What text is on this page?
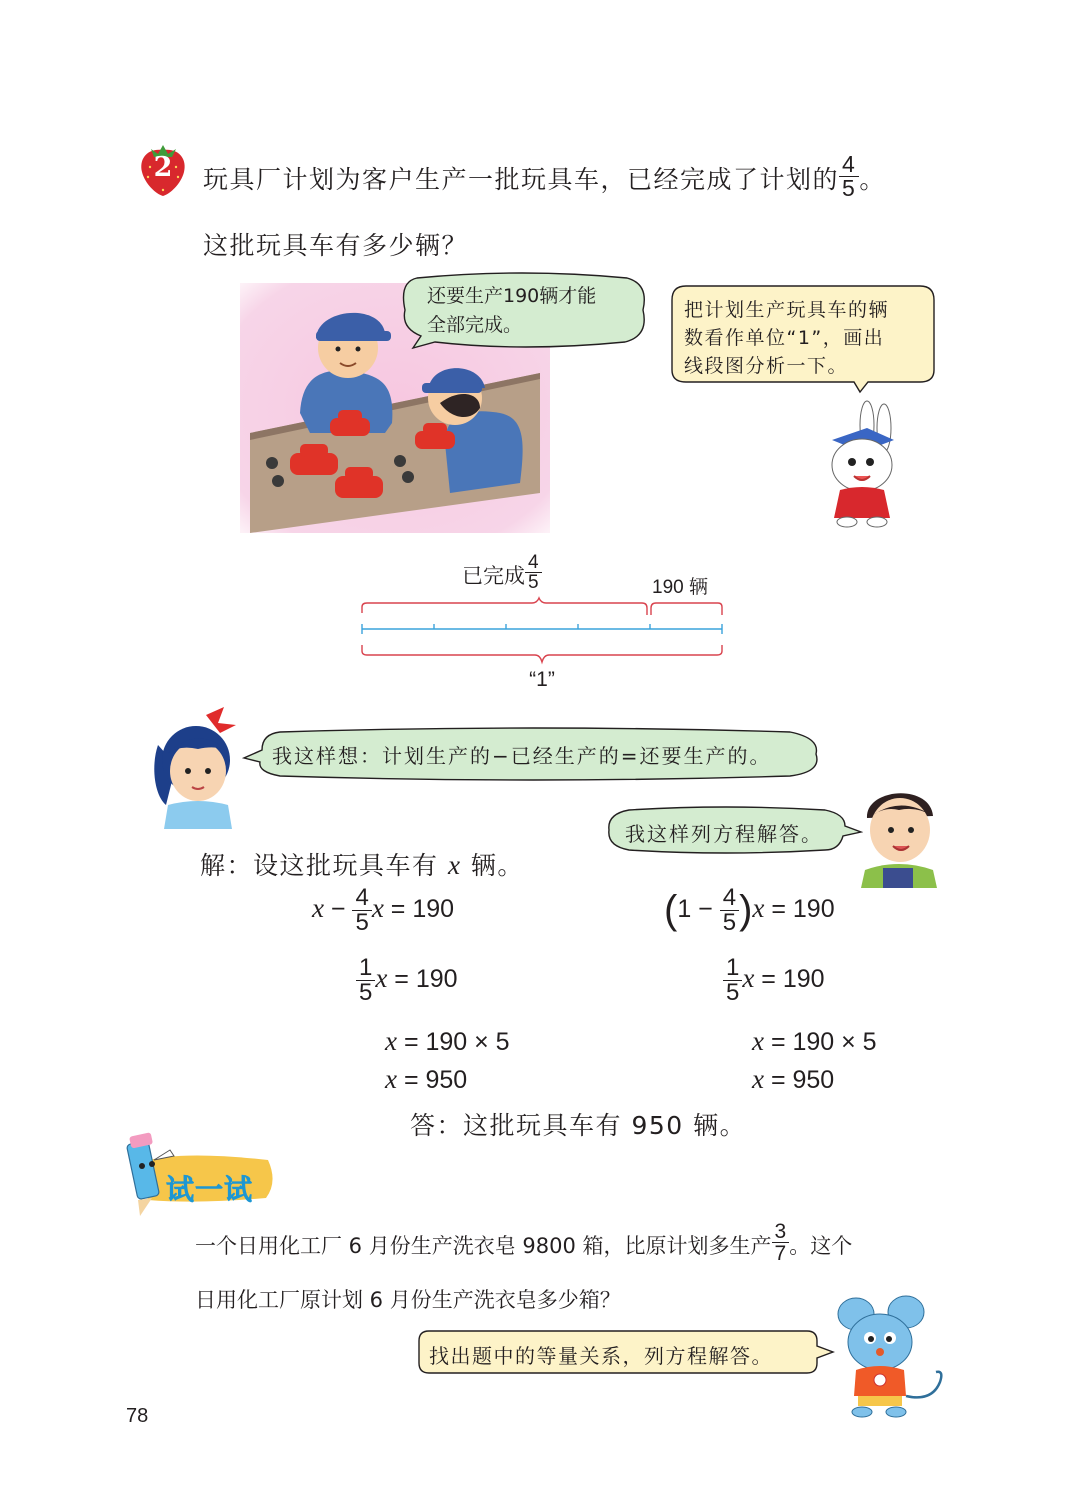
2 玩具厂计划为客户生产一批玩具车，已经完成了计划的 $\frac{4}{5}$ 。
这批玩具车有多少辆？
还要生产190辆才能
全部完成。
把计划生产玩具车的辆
数看作单位“1”，画出
线段图分析一下。
已完成 $\frac{4}{5}$	190 辆
“1”
我这样想：计划生产的−已经生产的=还要生产的。
我这样列方程解答。
解：设这批玩具车有 x 辆。
$x - \frac{4}{5}$ x = 190
$\frac{1}{5}$ x = 190
x = 190 × 5
x = 950
$(1 - \frac{4}{5} )x = 190$
$\frac{1}{5}$ x = 190
x = 190 × 5
x = 950
答：这批玩具车有 950 辆。
试一试
一个日用化工厂 6 月份生产洗衣皂 9800 箱，比原计划多生产 $\frac{3}{7}$ 。这个
日用化工厂原计划 6 月份生产洗衣皂多少箱？
找出题中的等量关系，列方程解答。
78
